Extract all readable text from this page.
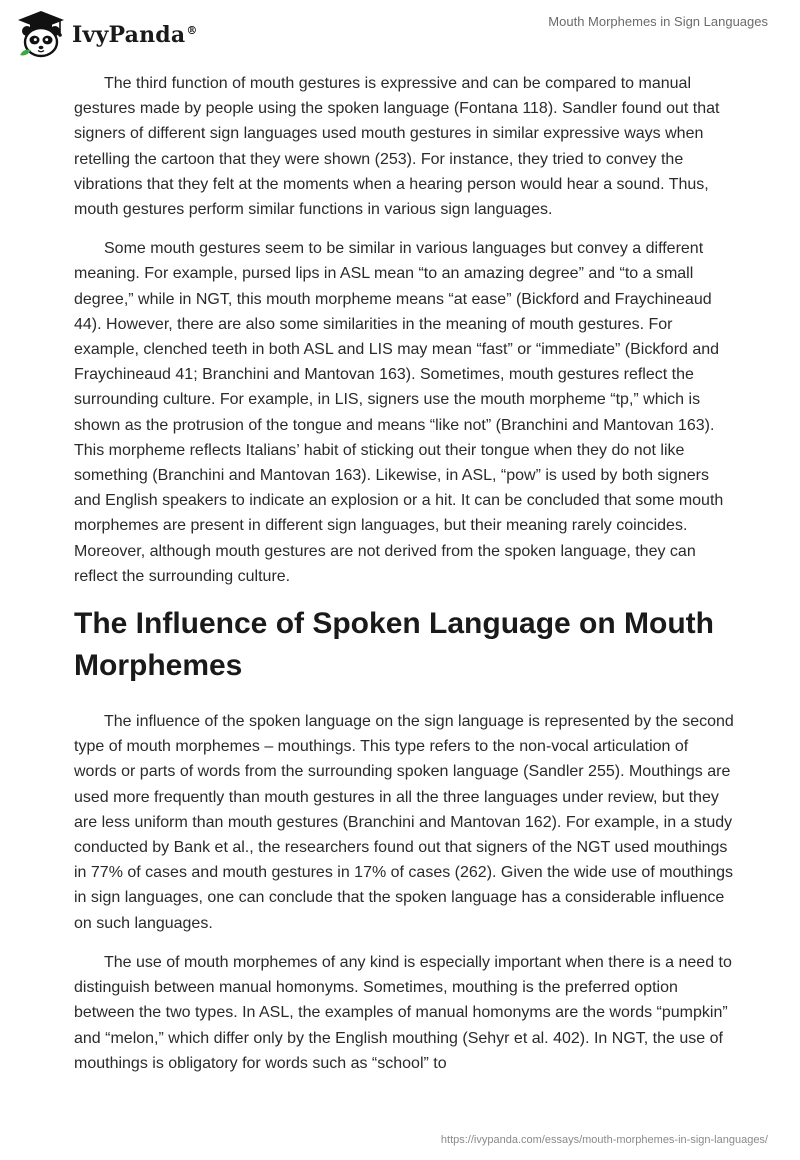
IvyPanda®
Mouth Morphemes in Sign Languages

The third function of mouth gestures is expressive and can be compared to manual gestures made by people using the spoken language (Fontana 118). Sandler found out that signers of different sign languages used mouth gestures in similar expressive ways when retelling the cartoon that they were shown (253). For instance, they tried to convey the vibrations that they felt at the moments when a hearing person would hear a sound. Thus, mouth gestures perform similar functions in various sign languages.

Some mouth gestures seem to be similar in various languages but convey a different meaning. For example, pursed lips in ASL mean “to an amazing degree” and “to a small degree,” while in NGT, this mouth morpheme means “at ease” (Bickford and Fraychineaud 44). However, there are also some similarities in the meaning of mouth gestures. For example, clenched teeth in both ASL and LIS may mean “fast” or “immediate” (Bickford and Fraychineaud 41; Branchini and Mantovan 163). Sometimes, mouth gestures reflect the surrounding culture. For example, in LIS, signers use the mouth morpheme “tp,” which is shown as the protrusion of the tongue and means “like not” (Branchini and Mantovan 163). This morpheme reflects Italians’ habit of sticking out their tongue when they do not like something (Branchini and Mantovan 163). Likewise, in ASL, “pow” is used by both signers and English speakers to indicate an explosion or a hit. It can be concluded that some mouth morphemes are present in different sign languages, but their meaning rarely coincides. Moreover, although mouth gestures are not derived from the spoken language, they can reflect the surrounding culture.

The Influence of Spoken Language on Mouth Morphemes

The influence of the spoken language on the sign language is represented by the second type of mouth morphemes – mouthings. This type refers to the non-vocal articulation of words or parts of words from the surrounding spoken language (Sandler 255). Mouthings are used more frequently than mouth gestures in all the three languages under review, but they are less uniform than mouth gestures (Branchini and Mantovan 162). For example, in a study conducted by Bank et al., the researchers found out that signers of the NGT used mouthings in 77% of cases and mouth gestures in 17% of cases (262). Given the wide use of mouthings in sign languages, one can conclude that the spoken language has a considerable influence on such languages.

The use of mouth morphemes of any kind is especially important when there is a need to distinguish between manual homonyms. Sometimes, mouthing is the preferred option between the two types. In ASL, the examples of manual homonyms are the words “pumpkin” and “melon,” which differ only by the English mouthing (Sehyr et al. 402). In NGT, the use of mouthings is obligatory for words such as “school” to

https://ivypanda.com/essays/mouth-morphemes-in-sign-languages/
